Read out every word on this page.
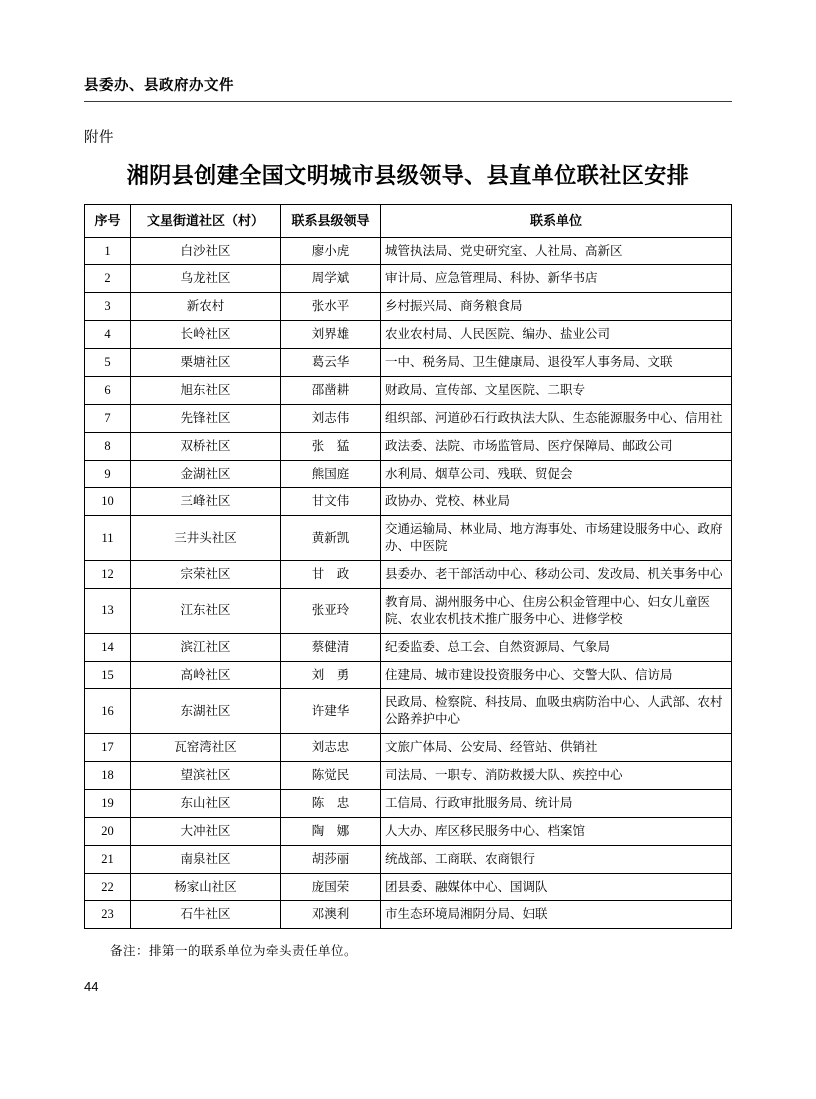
县委办、县政府办文件
附件
湘阴县创建全国文明城市县级领导、县直单位联社区安排
序号	文星街道社区（村）	联系县级领导	联系单位
1	白沙社区	廖小虎	城管执法局、党史研究室、人社局、高新区
2	乌龙社区	周学斌	审计局、应急管理局、科协、新华书店
3	新农村	张水平	乡村振兴局、商务粮食局
4	长岭社区	刘界雄	农业农村局、人民医院、编办、盐业公司
5	栗塘社区	葛云华	一中、税务局、卫生健康局、退役军人事务局、文联
6	旭东社区	邵凿耕	财政局、宣传部、文星医院、二职专
7	先锋社区	刘志伟	组织部、河道砂石行政执法大队、生态能源服务中心、信用社
8	双桥社区	张　猛	政法委、法院、市场监管局、医疗保障局、邮政公司
9	金湖社区	熊国庭	水利局、烟草公司、残联、贸促会
10	三峰社区	甘文伟	政协办、党校、林业局
11	三井头社区	黄新凯	交通运输局、林业局、地方海事处、市场建设服务中心、政府办、中医院
12	宗荣社区	甘　政	县委办、老干部活动中心、移动公司、发改局、机关事务中心
13	江东社区	张亚玲	教育局、湖州服务中心、住房公积金管理中心、妇女儿童医院、农业农机技术推广服务中心、进修学校
14	滨江社区	蔡健清	纪委监委、总工会、自然资源局、气象局
15	高岭社区	刘　勇	住建局、城市建设投资服务中心、交警大队、信访局
16	东湖社区	许建华	民政局、检察院、科技局、血吸虫病防治中心、人武部、农村公路养护中心
17	瓦窑湾社区	刘志忠	文旅广体局、公安局、经管站、供销社
18	望滨社区	陈觉民	司法局、一职专、消防救援大队、疾控中心
19	东山社区	陈　忠	工信局、行政审批服务局、统计局
20	大冲社区	陶　娜	人大办、库区移民服务中心、档案馆
21	南泉社区	胡莎丽	统战部、工商联、农商银行
22	杨家山社区	庞国荣	团县委、融媒体中心、国调队
23	石牛社区	邓澳利	市生态环境局湘阴分局、妇联
备注：排第一的联系单位为牵头责任单位。
44
